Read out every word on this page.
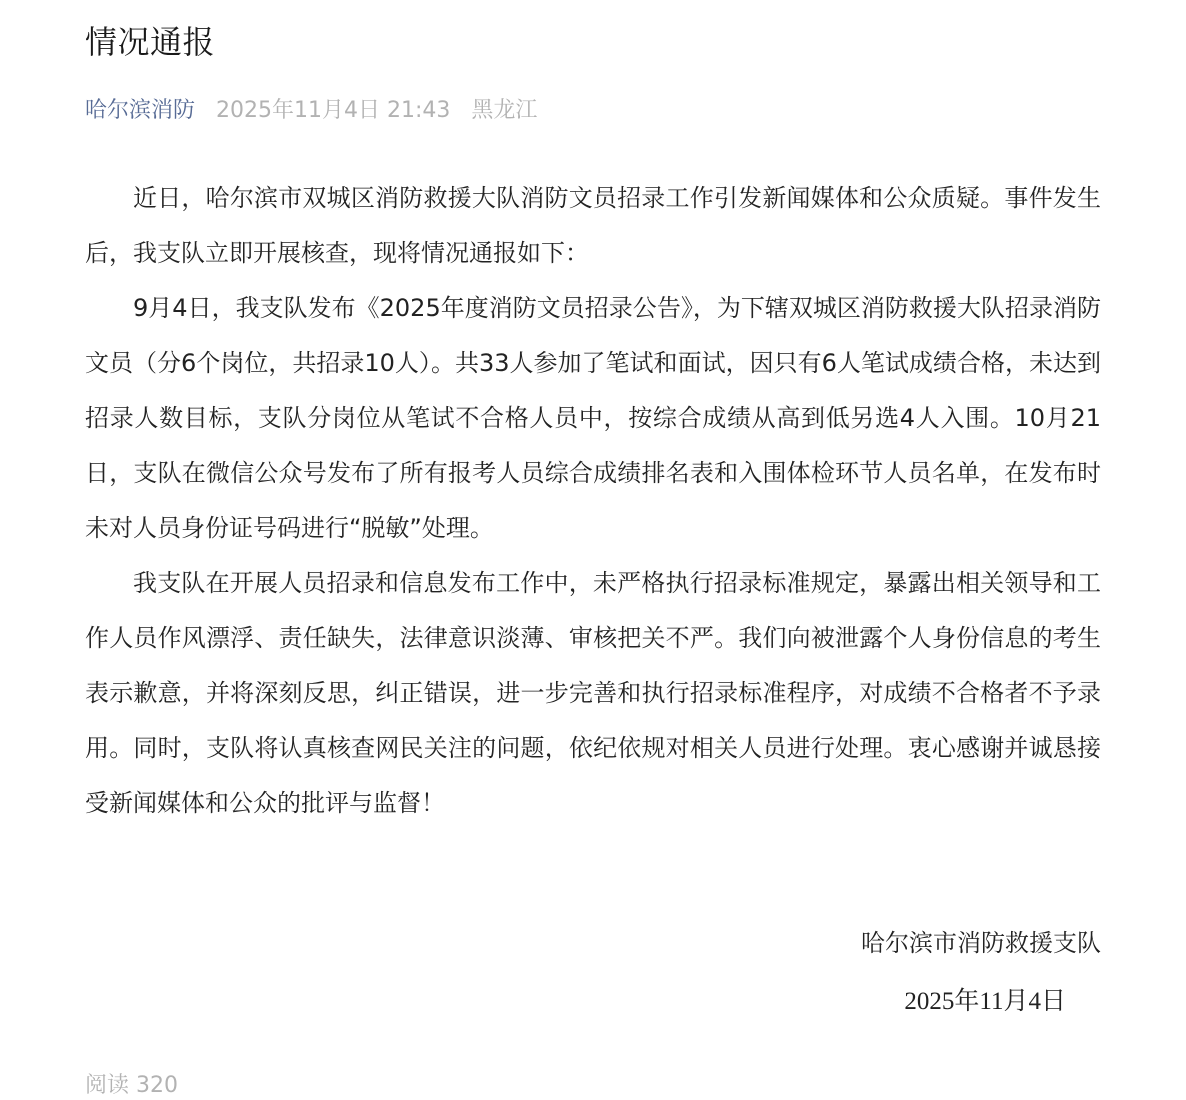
情况通报
哈尔滨消防 2025年11月4日 21:43 黑龙江

近日，哈尔滨市双城区消防救援大队消防文员招录工作引发新闻媒体和公众质疑。事件发生后，我支队立即开展核查，现将情况通报如下：

9月4日，我支队发布《2025年度消防文员招录公告》，为下辖双城区消防救援大队招录消防文员（分6个岗位，共招录10人）。共33人参加了笔试和面试，因只有6人笔试成绩合格，未达到招录人数目标，支队分岗位从笔试不合格人员中，按综合成绩从高到低另选4人入围。10月21日，支队在微信公众号发布了所有报考人员综合成绩排名表和入围体检环节人员名单，在发布时未对人员身份证号码进行“脱敏”处理。

我支队在开展人员招录和信息发布工作中，未严格执行招录标准规定，暴露出相关领导和工作人员作风漂浮、责任缺失，法律意识淡薄、审核把关不严。我们向被泄露个人身份信息的考生表示歉意，并将深刻反思，纠正错误，进一步完善和执行招录标准程序，对成绩不合格者不予录用。同时，支队将认真核查网民关注的问题，依纪依规对相关人员进行处理。衷心感谢并诚恳接受新闻媒体和公众的批评与监督！

哈尔滨市消防救援支队
2025年11月4日
阅读 320
